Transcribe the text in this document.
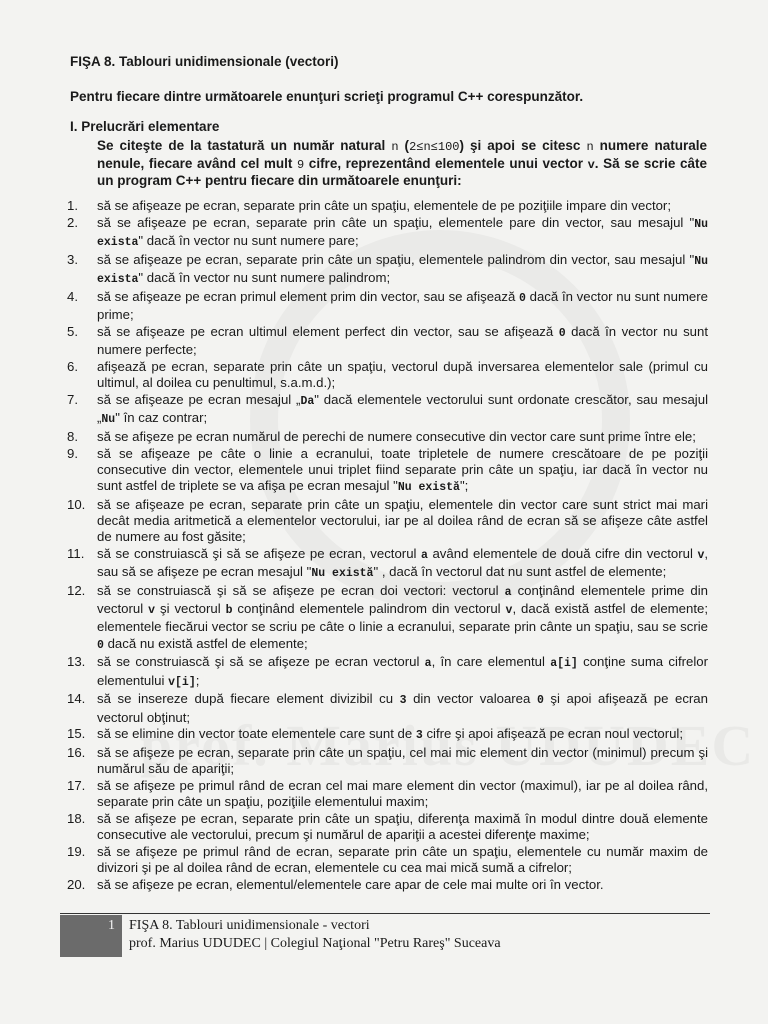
FIŞA 8. Tablouri unidimensionale (vectori)
Pentru fiecare dintre următoarele enunţuri scrieţi programul C++ corespunzător.
I. Prelucrări elementare
Se citeşte de la tastatură un număr natural n (2≤n≤100) şi apoi se citesc n numere naturale nenule, fiecare având cel mult 9 cifre, reprezentând elementele unui vector v. Să se scrie câte un program C++ pentru fiecare din următoarele enunţuri:
1.	să se afişeaze pe ecran, separate prin câte un spaţiu, elementele de pe poziţiile impare din vector;
2.	să se afişeaze pe ecran, separate prin câte un spaţiu, elementele pare din vector, sau mesajul "Nu exista" dacă în vector nu sunt numere pare;
3.	să se afişeaze pe ecran, separate prin câte un spaţiu, elementele palindrom din vector, sau mesajul "Nu exista" dacă în vector nu sunt numere palindrom;
4.	să se afişeaze pe ecran primul element prim din vector, sau se afişează 0 dacă în vector nu sunt numere prime;
5.	să se afişeaze pe ecran ultimul element perfect din vector, sau se afişează 0 dacă în vector nu sunt numere perfecte;
6.	afişează pe ecran, separate prin câte un spaţiu, vectorul după inversarea elementelor sale (primul cu ultimul, al doilea cu penultimul, s.a.m.d.);
7.	să se afişeaze pe ecran mesajul „Da" dacă elementele vectorului sunt ordonate crescător, sau mesajul „Nu" în caz contrar;
8.	să se afişeze pe ecran numărul de perechi de numere consecutive din vector care sunt prime între ele;
9.	să se afişeaze pe câte o linie a ecranului, toate tripletele de numere crescătoare de pe poziţii consecutive din vector, elementele unui triplet fiind separate prin câte un spaţiu, iar dacă în vector nu sunt astfel de triplete se va afişa pe ecran mesajul "Nu există";
10. să se afişeaze pe ecran, separate prin câte un spaţiu, elementele din vector care sunt strict mai mari decât media aritmetică a elementelor vectorului, iar pe al doilea rând de ecran să se afişeze câte astfel de numere au fost găsite;
11. să se construiască şi să se afişeze pe ecran, vectorul a având elementele de două cifre din vectorul v, sau să se afişeze pe ecran mesajul "Nu există" , dacă în vectorul dat nu sunt astfel de elemente;
12. să se construiască şi să se afişeze pe ecran doi vectori: vectorul a conţinând elementele prime din vectorul v şi vectorul b conţinând elementele palindrom din vectorul v, dacă există astfel de elemente; elementele fiecărui vector se scriu pe câte o linie a ecranului, separate prin cânte un spaţiu, sau se scrie 0 dacă nu există astfel de elemente;
13. să se construiască şi să se afişeze pe ecran vectorul a, în care elementul a[i] conţine suma cifrelor elementului v[i];
14. să se insereze după fiecare element divizibil cu 3 din vector valoarea 0 şi apoi afişează pe ecran vectorul obţinut;
15. să se elimine din vector toate elementele care sunt de 3 cifre şi apoi afişează pe ecran noul vectorul;
16. să se afişeze pe ecran, separate prin câte un spaţiu, cel mai mic element din vector (minimul) precum şi numărul său de apariţii;
17. să se afişeze pe primul rând de ecran cel mai mare element din vector (maximul), iar pe al doilea rând, separate prin câte un spaţiu, poziţiile elementului maxim;
18. să se afişeze pe ecran, separate prin câte un spaţiu, diferenţa maximă în modul dintre două elemente consecutive ale vectorului, precum şi numărul de apariţii a acestei diferenţe maxime;
19. să se afişeze pe primul rând de ecran, separate prin câte un spaţiu, elementele cu număr maxim de divizori şi pe al doilea rând de ecran, elementele cu cea mai mică sumă a cifrelor;
20. să se afişeze pe ecran, elementul/elementele care apar de cele mai multe ori în vector.
1 FIŞA 8. Tablouri unidimensionale - vectori
prof. Marius UDUDEC | Colegiul Naţional "Petru Rareş" Suceava
